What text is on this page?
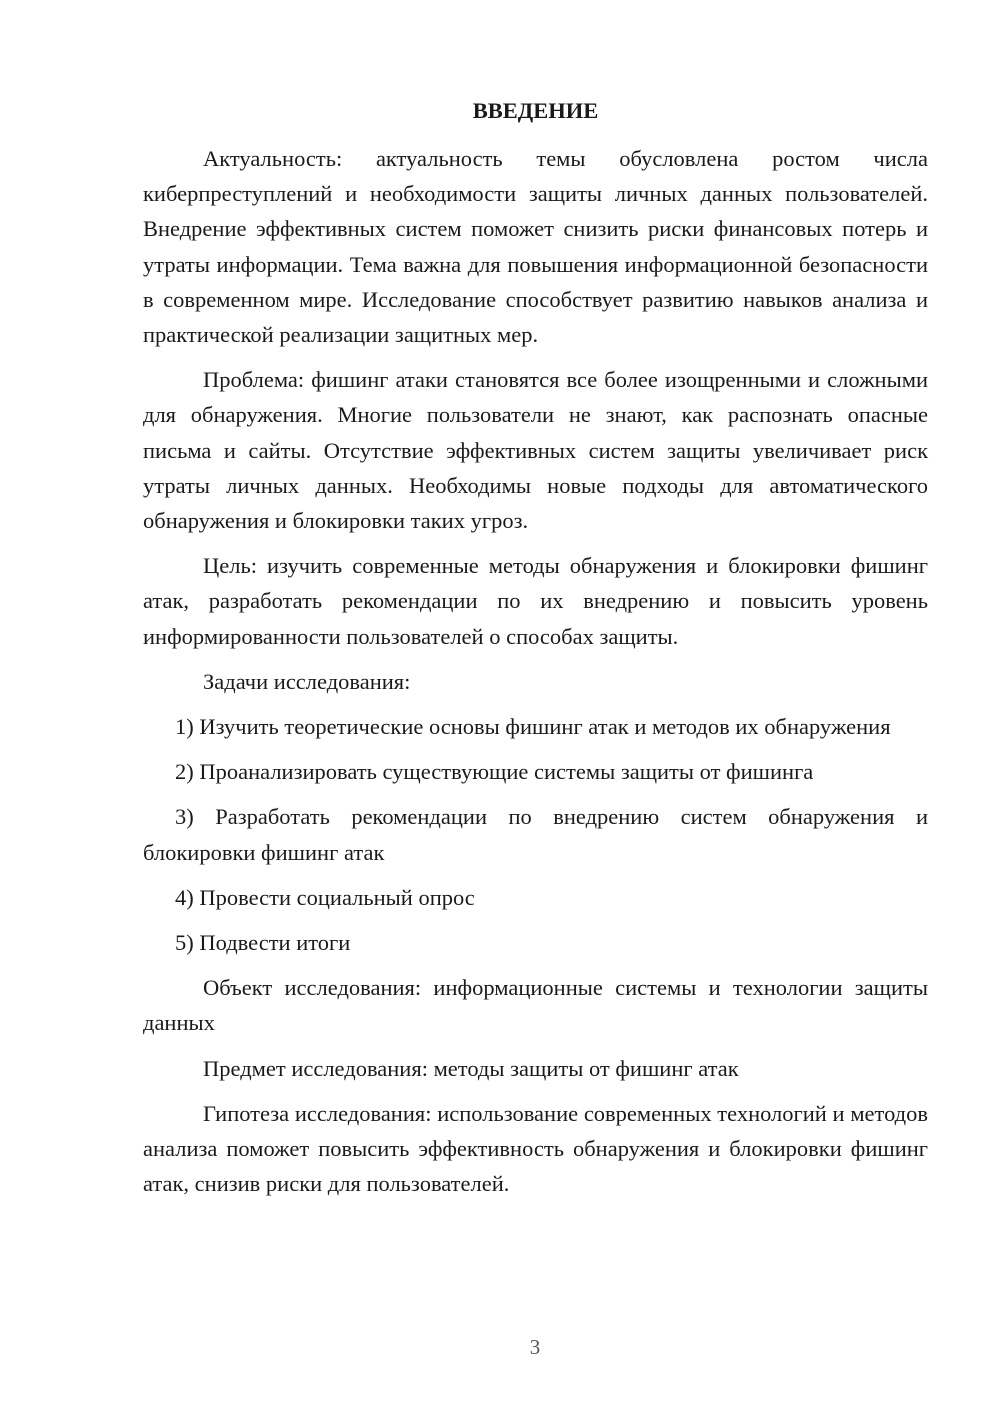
ВВЕДЕНИЕ

Актуальность: актуальность темы обусловлена ростом числа киберпреступлений и необходимости защиты личных данных пользователей. Внедрение эффективных систем поможет снизить риски финансовых потерь и утраты информации. Тема важна для повышения информационной безопасности в современном мире. Исследование способствует развитию навыков анализа и практической реализации защитных мер.

Проблема: фишинг атаки становятся все более изощренными и сложными для обнаружения. Многие пользователи не знают, как распознать опасные письма и сайты. Отсутствие эффективных систем защиты увеличивает риск утраты личных данных. Необходимы новые подходы для автоматического обнаружения и блокировки таких угроз.

Цель: изучить современные методы обнаружения и блокировки фишинг атак, разработать рекомендации по их внедрению и повысить уровень информированности пользователей о способах защиты.

Задачи исследования:

1) Изучить теоретические основы фишинг атак и методов их обнаружения

2) Проанализировать существующие системы защиты от фишинга

3) Разработать рекомендации по внедрению систем обнаружения и блокировки фишинг атак

4) Провести социальный опрос

5) Подвести итоги

Объект исследования: информационные системы и технологии защиты данных

Предмет исследования: методы защиты от фишинг атак

Гипотеза исследования: использование современных технологий и методов анализа поможет повысить эффективность обнаружения и блокировки фишинг атак, снизив риски для пользователей.

3
